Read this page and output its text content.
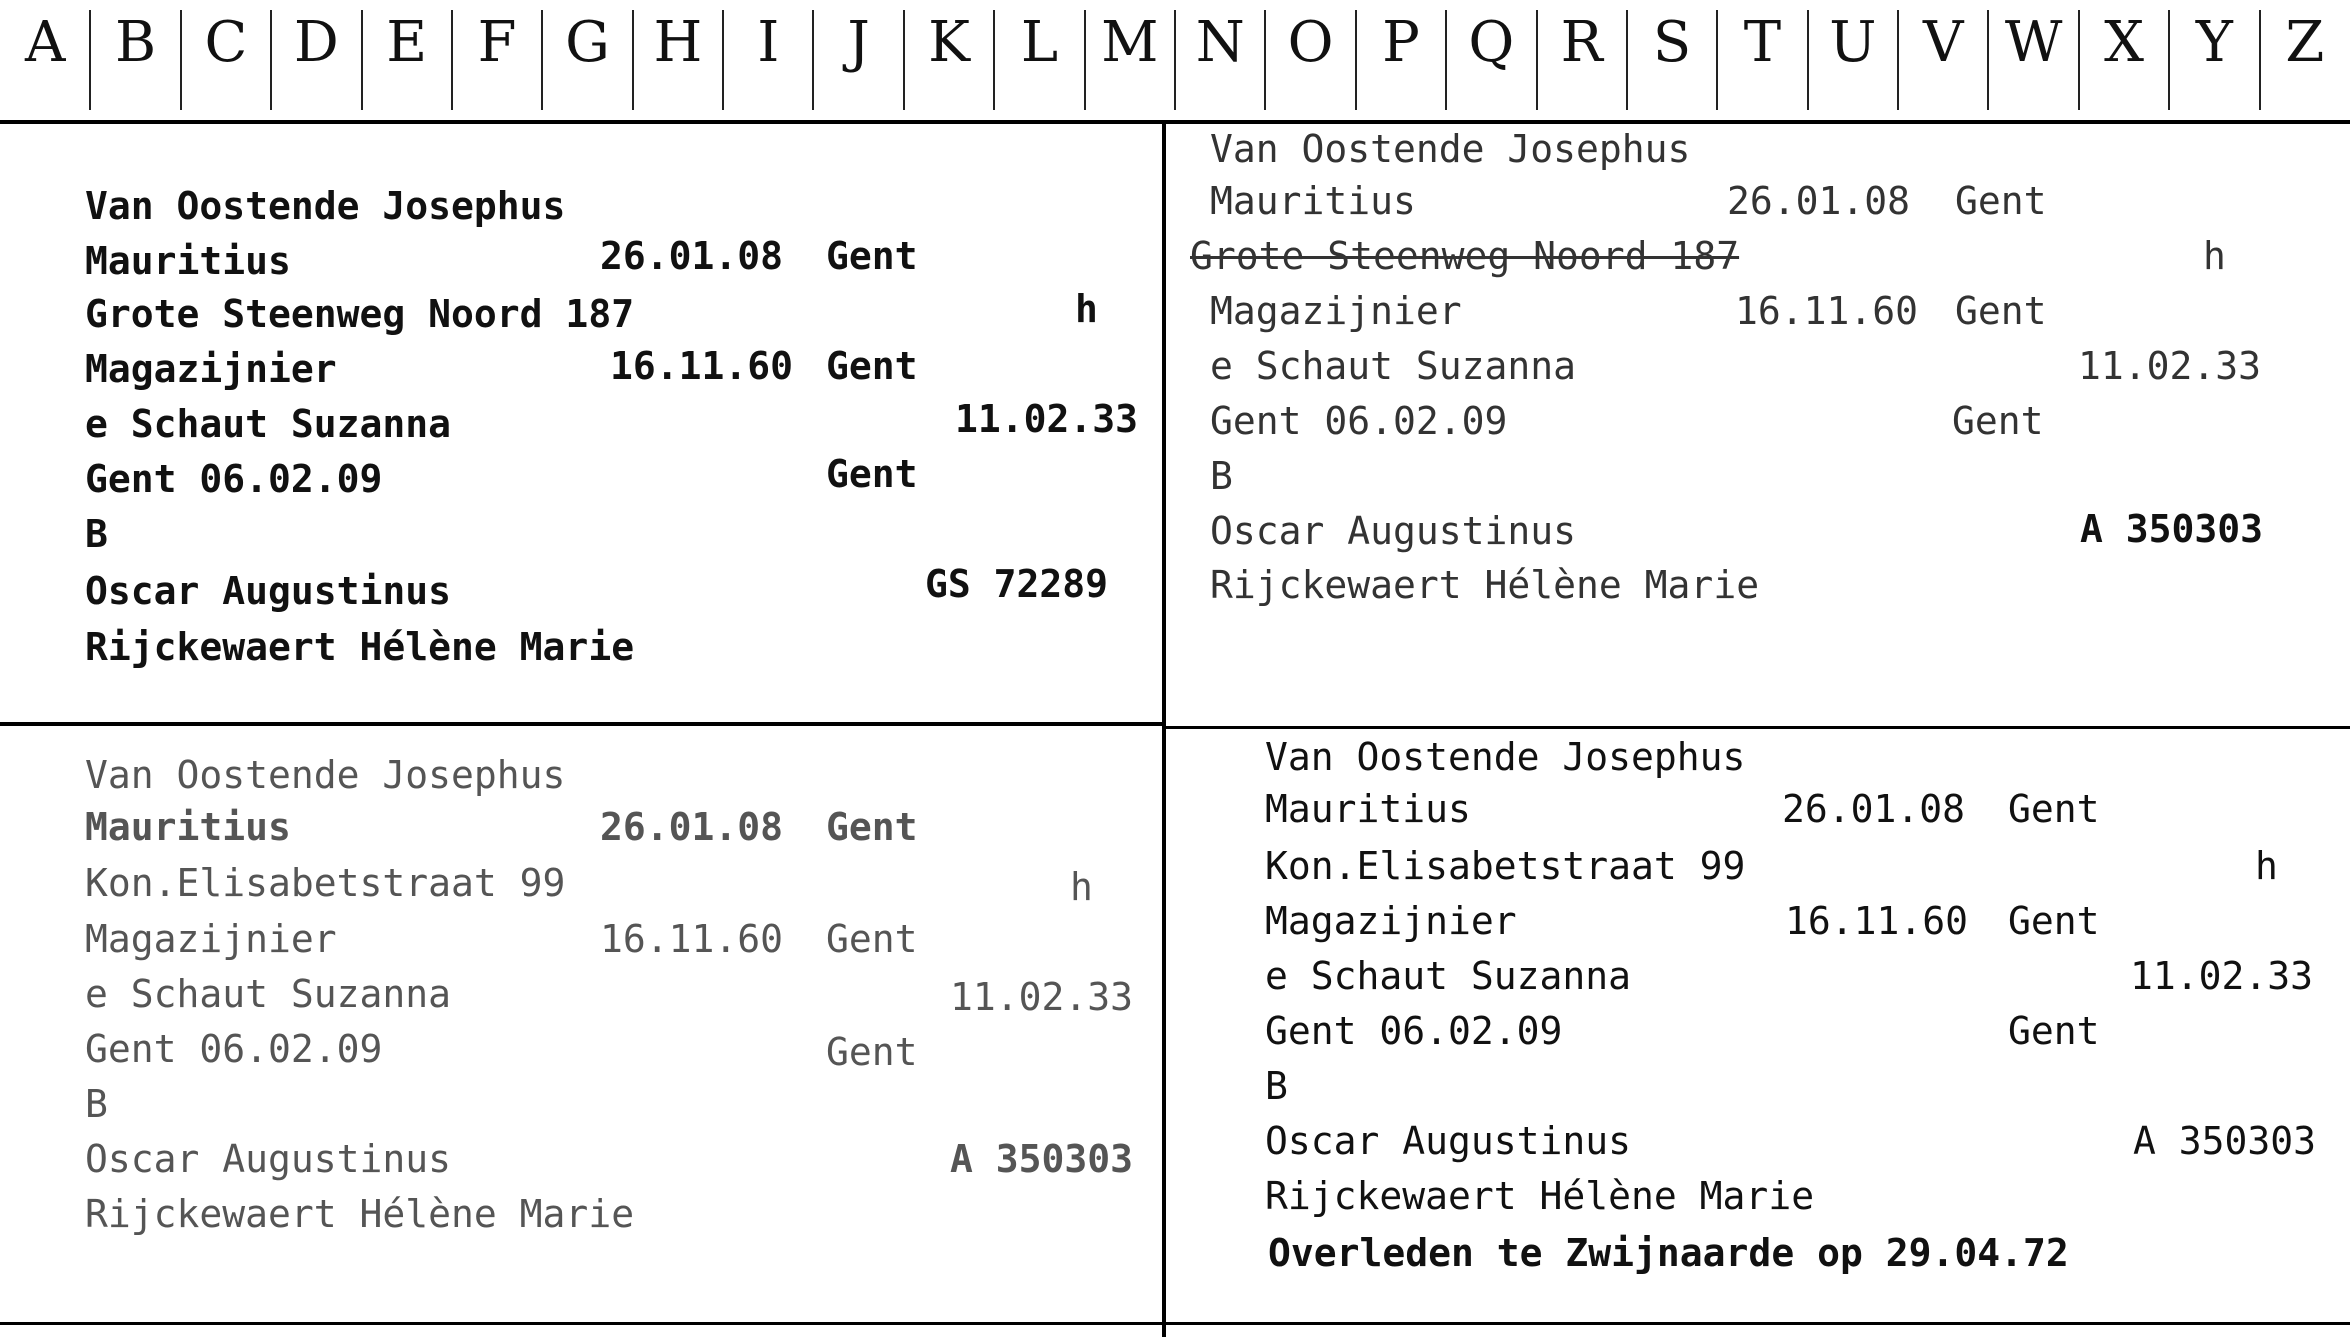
A B C D E F G H I	J	K L M N O P Q R S T U V W X Y Z
Van Oostende Josephus
Mauritius	26.01.08 Gent
Grote Steenweg Noord 187	h
Magazijnier	16.11.60 Gent
e Schaut Suzanna	11.02.33
Gent 06.02.09	Gent
B
Oscar Augustinus	GS 72289
Rijckewaert Hélène Marie
Van Oostende Josephus
Mauritius	26.01.08 Gent
Grote Steenweg Noord 187	h
Magazijnier	16.11.60 Gent
e Schaut Suzanna	11.02.33
Gent 06.02.09	Gent
B
Oscar Augustinus	A 350303
Rijckewaert Hélène Marie
Van Oostende Josephus
Mauritius	26.01.08 Gent
Kon.Elisabetstraat 99	h
Magazijnier	16.11.60 Gent
e Schaut Suzanna	11.02.33
Gent 06.02.09	Gent
B
Oscar Augustinus	A 350303
Rijckewaert Hélène Marie
Van Oostende Josephus
Mauritius	26.01.08 Gent
Kon.Elisabetstraat 99	h
Magazijnier	16.11.60 Gent
e Schaut Suzanna	11.02.33
Gent 06.02.09	Gent
B
Oscar Augustinus	A 350303
Rijckewaert Hélène Marie
Overleden te Zwijnaarde op 29.04.72
